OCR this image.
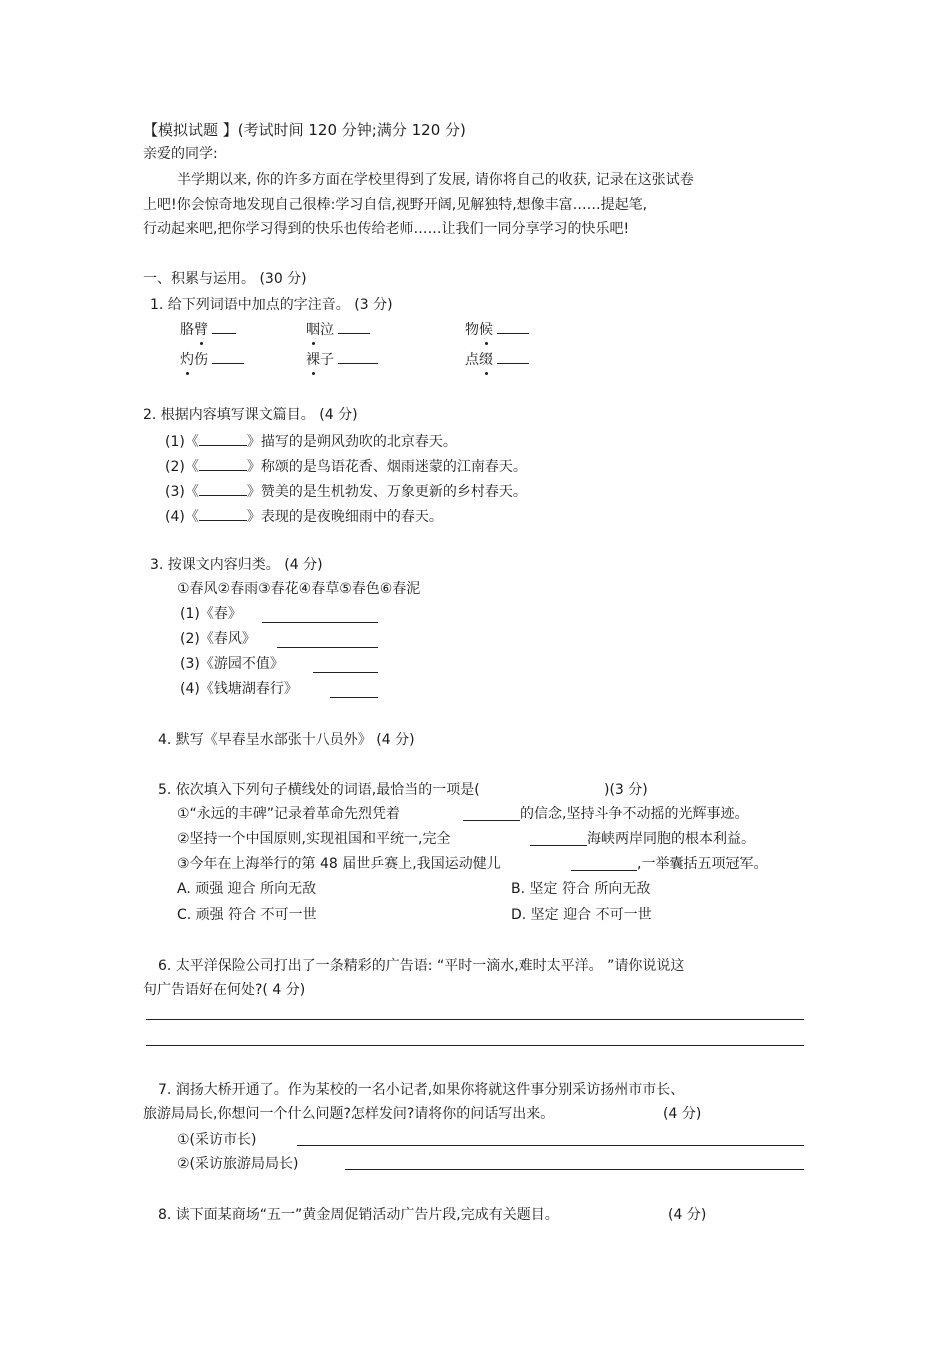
【模拟试题 】(考试时间 120 分钟;满分 120 分)
亲爱的同学:
半学期以来, 你的许多方面在学校里得到了发展, 请你将自己的收获, 记录在这张试卷
上吧!你会惊奇地发现自己很棒:学习自信,视野开阔,见解独特,想像丰富……提起笔,
行动起来吧,把你学习得到的快乐也传给老师……让我们一同分享学习的快乐吧!
一、积累与运用。 (30 分)
1. 给下列词语中加点的字注音。 (3 分)
胳臂	咽泣	物候
灼伤	裸子	点缀
2. 根据内容填写课文篇目。 (4 分)
(1)《	》描写的是朔风劲吹的北京春天。
(2)《	》称颂的是鸟语花香、烟雨迷蒙的江南春天。
(3)《	》赞美的是生机勃发、万象更新的乡村春天。
(4)《	》表现的是夜晚细雨中的春天。
3. 按课文内容归类。 (4 分)
①春风②春雨③春花④春草⑤春色⑥春泥
(1)《春》
(2)《春风》
(3)《游园不值》
(4)《钱塘湖春行》
4. 默写《早春呈水部张十八员外》 (4 分)
5. 依次填入下列句子横线处的词语,最恰当的一项是(	)(3 分)
①“永远的丰碑”记录着革命先烈凭着	的信念,坚持斗争不动摇的光辉事迹。
②坚持一个中国原则,实现祖国和平统一,完全	海峡两岸同胞的根本利益。
③今年在上海举行的第 48 届世乒赛上,我国运动健儿	,一举囊括五项冠军。
A. 顽强 迎合 所向无敌	B. 坚定 符合 所向无敌
C. 顽强 符合 不可一世	D. 坚定 迎合 不可一世
6. 太平洋保险公司打出了一条精彩的广告语: “平时一滴水,难时太平洋。 ”请你说说这
句广告语好在何处?( 4 分)
7. 润扬大桥开通了。作为某校的一名小记者,如果你将就这件事分别采访扬州市市长、
旅游局局长,你想问一个什么问题?怎样发问?请将你的问话写出来。	(4 分)
①(采访市长)
②(采访旅游局局长)
8. 读下面某商场“五一”黄金周促销活动广告片段,完成有关题目。	(4 分)
